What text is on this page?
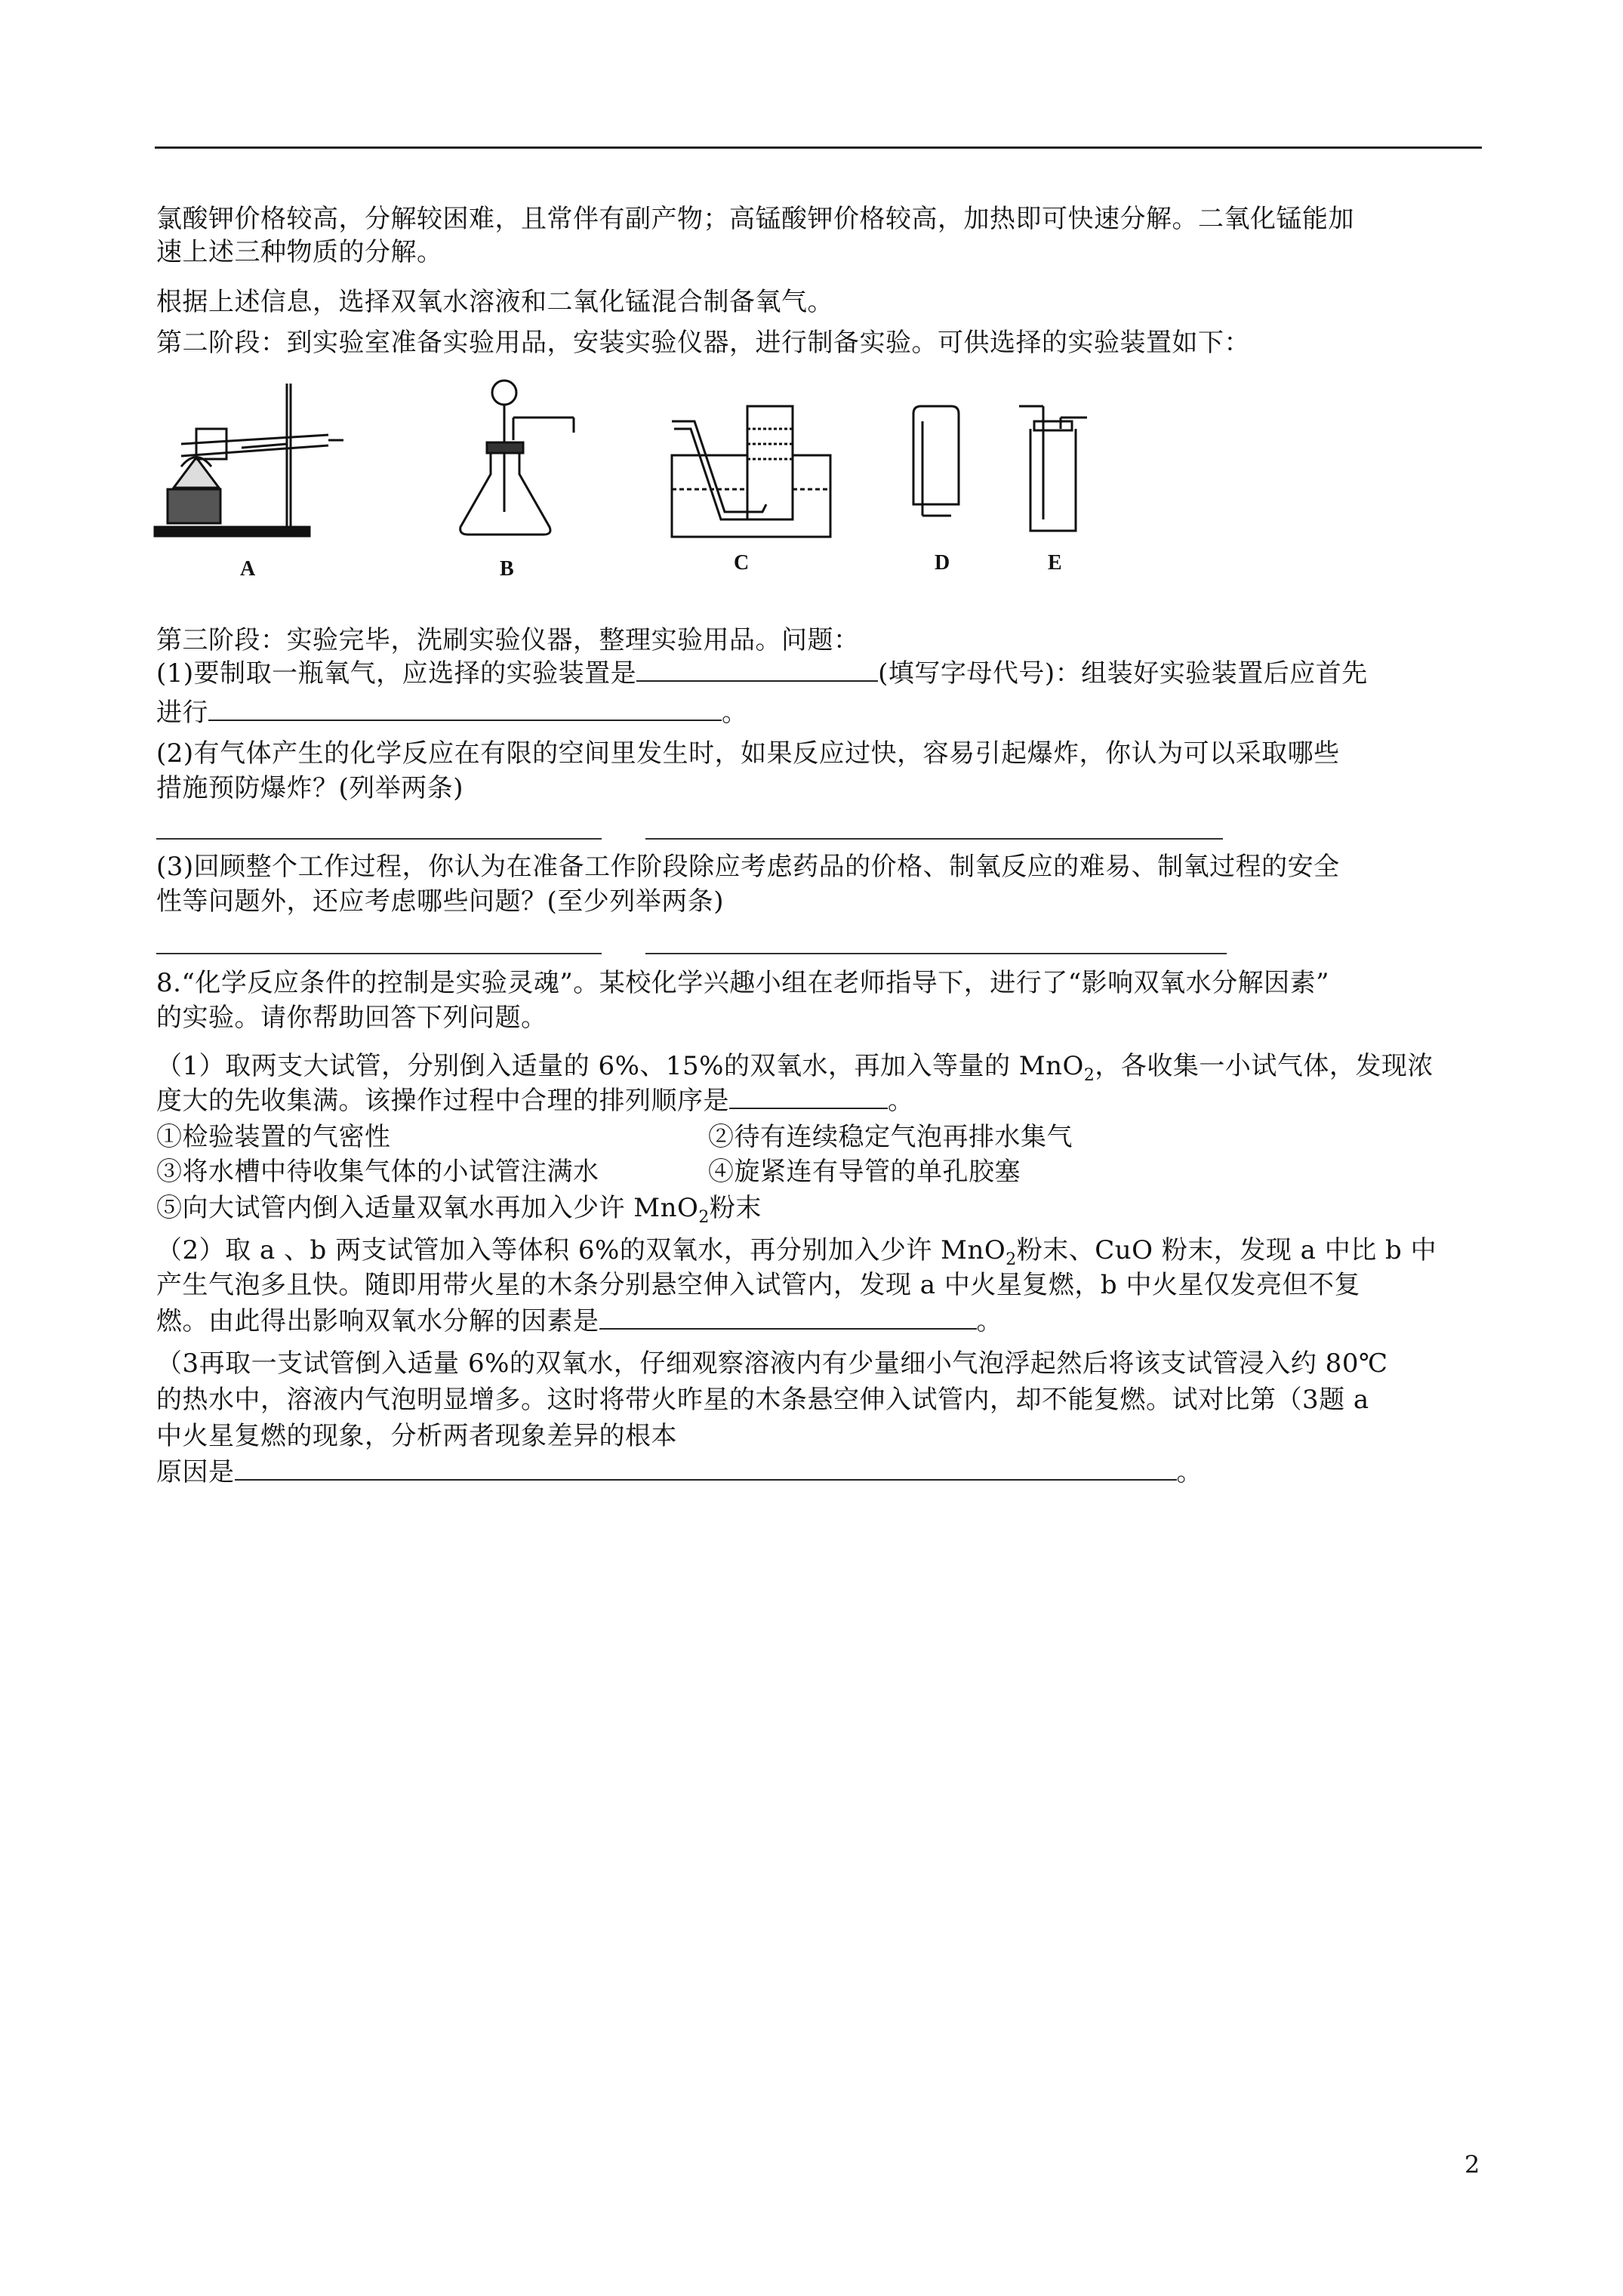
氯酸钾价格较高，分解较困难，且常伴有副产物；高锰酸钾价格较高，加热即可快速分解。二氧化锰能加
速上述三种物质的分解。
根据上述信息，选择双氧水溶液和二氧化锰混合制备氧气。
第二阶段：到实验室准备实验用品，安装实验仪器，进行制备实验。可供选择的实验装置如下：
A	B	C	D	E
第三阶段：实验完毕，洗刷实验仪器，整理实验用品。问题：
(1)要制取一瓶氧气，应选择的实验装置是	(填写字母代号)：组装好实验装置后应首先
进行	。
(2)有气体产生的化学反应在有限的空间里发生时，如果反应过快，容易引起爆炸，你认为可以采取哪些
措施预防爆炸？(列举两条)
(3)回顾整个工作过程，你认为在准备工作阶段除应考虑药品的价格、制氧反应的难易、制氧过程的安全
性等问题外，还应考虑哪些问题？(至少列举两条)
8.“化学反应条件的控制是实验灵魂”。某校化学兴趣小组在老师指导下，进行了“影响双氧水分解因素”
的实验。请你帮助回答下列问题。
（1）取两支大试管，分别倒入适量的 6%、15%的双氧水，再加入等量的 MnO$_2$，各收集一小试气体，发现浓
度大的先收集满。该操作过程中合理的排列顺序是	。
①检验装置的气密性	②待有连续稳定气泡再排水集气
③将水槽中待收集气体的小试管注满水	④旋紧连有导管的单孔胶塞
⑤向大试管内倒入适量双氧水再加入少许 MnO$_2$粉末
（2）取 a 、b 两支试管加入等体积 6%的双氧水，再分别加入少许 MnO$_2$粉末、CuO 粉末，发现 a 中比 b 中
产生气泡多且快。随即用带火星的木条分别悬空伸入试管内，发现 a 中火星复燃，b 中火星仅发亮但不复
燃。由此得出影响双氧水分解的因素是	。
（3再取一支试管倒入适量 6%的双氧水，仔细观察溶液内有少量细小气泡浮起然后将该支试管浸入约 80℃
的热水中，溶液内气泡明显增多。这时将带火昨星的木条悬空伸入试管内，却不能复燃。试对比第（3题 a
中火星复燃的现象，分析两者现象差异的根本
原因是	。
2
